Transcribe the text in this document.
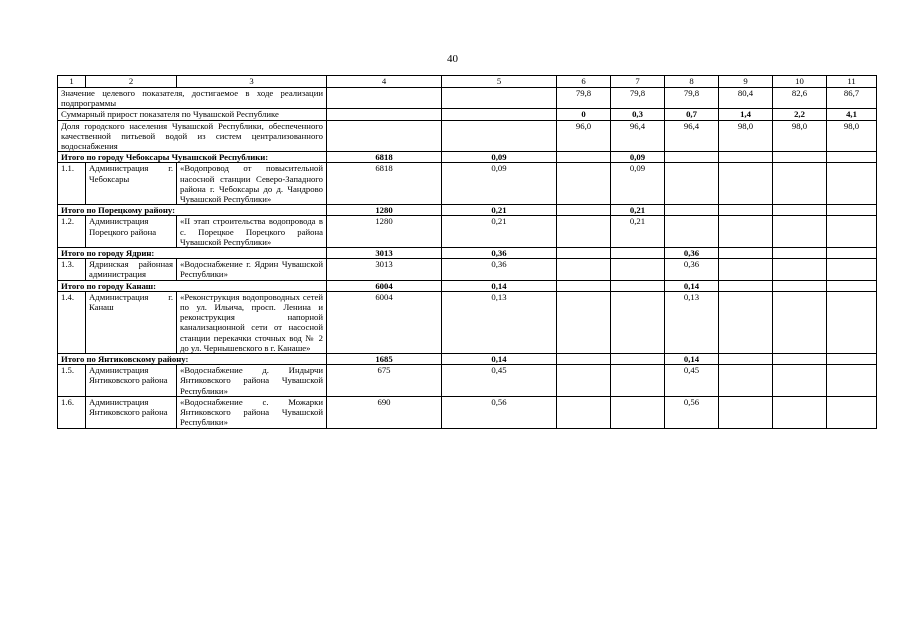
40
1	2	3	4	5	6	7	8	9	10	11
Значение целевого показателя, достигаемое в ходе реализации подпрограммы					79,8	79,8	79,8	80,4	82,6	86,7
Суммарный прирост показателя по Чувашской Республике					0	0,3	0,7	1,4	2,2	4,1
Доля городского населения Чувашской Республики, обеспеченного качественной питьевой водой из систем централизованного водоснабжения					96,0	96,4	96,4	98,0	98,0	98,0
Итого по городу Чебоксары Чувашской Республики:			6818	0,09		0,09				
1.1.	Администрация г. Чебоксары	«Водопровод от повысительной насосной станции Северо-Западного района г. Чебоксары до д. Чандрово Чувашской Республики»	6818	0,09		0,09				
Итого по Порецкому району:			1280	0,21		0,21				
1.2.	Администрация Порецкого района	«II этап строительства водопровода в с. Порецкое Порецкого района Чувашской Республики»	1280	0,21		0,21				
Итого по городу Ядрин:			3013	0,36			0,36			
1.3.	Ядринская районная администрация	«Водоснабжение г. Ядрин Чувашской Республики»	3013	0,36			0,36			
Итого по городу Канаш:			6004	0,14			0,14			
1.4.	Администрация г. Канаш	«Реконструкция водопроводных сетей по ул. Ильича, просп. Ленина и реконструкция напорной канализационной сети от насосной станции перекачки сточных вод № 2 до ул. Чернышевского в г. Канаше»	6004	0,13			0,13			
Итого по Янтиковскому району:			1685	0,14			0,14			
1.5.	Администрация Янтиковского района	«Водоснабжение д. Индырчи Янтиковского района Чувашской Республики»	675	0,45			0,45			
1.6.	Администрация Янтиковского района	«Водоснабжение с. Можарки Янтиковского района Чувашской Республики»	690	0,56			0,56			
